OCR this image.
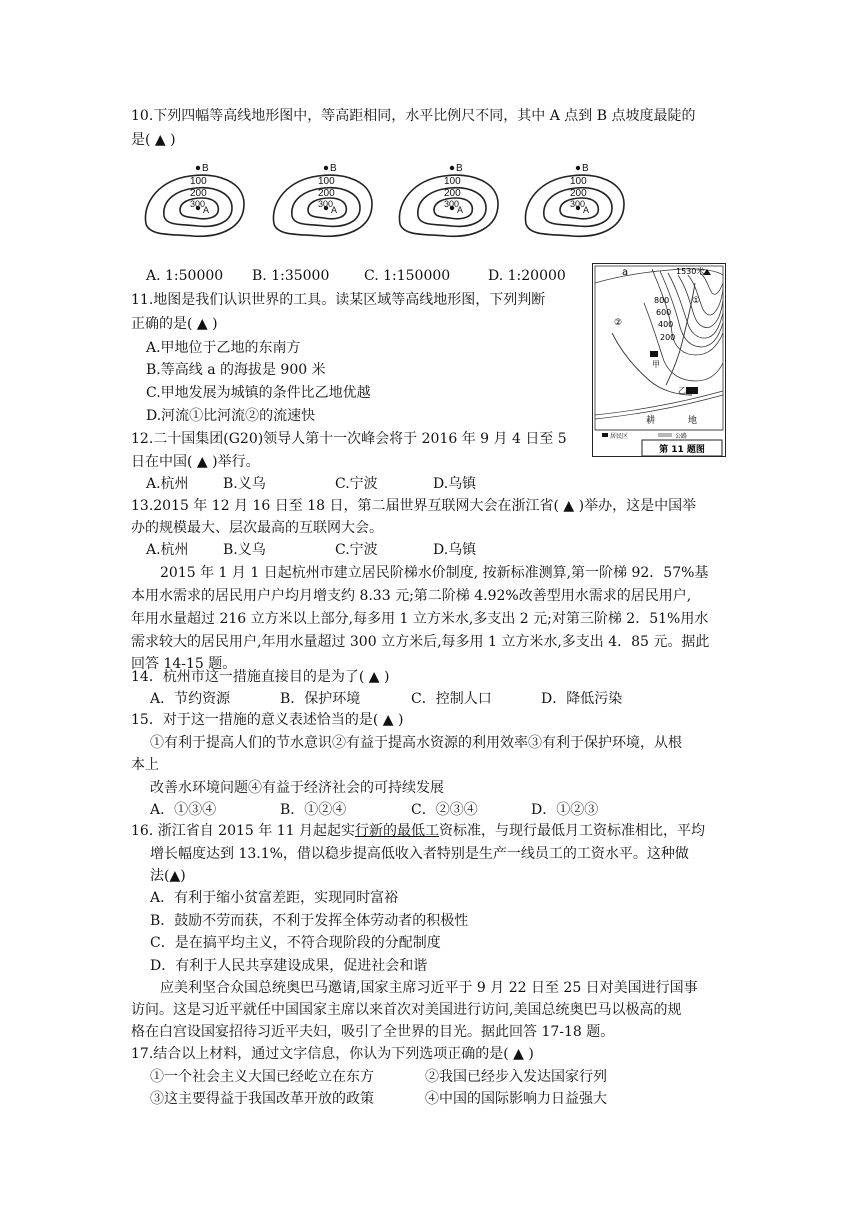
10.下列四幅等高线地形图中，等高距相同，水平比例尺不同，其中 A 点到 B 点坡度最陡的
是( ▲ )
B
100
200
300
A
B
100
200
300
A
B
100
200
300
A
B
100
200
300
A
A. 1:50000 B. 1:35000 C. 1:150000	D. 1:20000
11.地图是我们认识世界的工具。读某区域等高线地形图，下列判断
正确的是( ▲ )
A.甲地位于乙地的东南方
B.等高线 a 的海拔是 900 米
C.甲地发展为城镇的条件比乙地优越
D.河流①比河流②的流速快
1530米
a
800
600
400
200
①
②
甲
乙
耕	地
居民区	公路
第 11 题图
12.二十国集团(G20)领导人第十一次峰会将于 2016 年 9 月 4 日至 5
日在中国( ▲ )举行。
A.杭州 B.义乌	C.宁波	D.乌镇
13.2015 年 12 月 16 日至 18 日，第二届世界互联网大会在浙江省( ▲ )举办，这是中国举
办的规模最大、层次最高的互联网大会。
A.杭州 B.义乌	C.宁波	D.乌镇
2015 年 1 月 1 日起杭州市建立居民阶梯水价制度, 按新标准测算,第一阶梯 92．57%基
本用水需求的居民用户户均月增支约 8.33 元;第二阶梯 4.92%改善型用水需求的居民用户,
年用水量超过 216 立方米以上部分,每多用 1 立方米水,多支出 2 元;对第三阶梯 2．51%用水
需求较大的居民用户,年用水量超过 300 立方米后,每多用 1 立方米水,多支出 4．85 元。据此
回答 14-15 题。
14．杭州市这一措施直接目的是为了( ▲ )
A．节约资源	B．保护环境	C．控制人口	D．降低污染
15．对于这一措施的意义表述恰当的是( ▲ )
①有利于提高人们的节水意识②有益于提高水资源的利用效率③有利于保护环境，从根
本上
改善水环境问题④有益于经济社会的可持续发展
A．①③④	B．①②④	C．②③④	D．①②③
16. 浙江省自 2015 年 11 月起起实行新的最低工资标准，与现行最低月工资标准相比，平均
增长幅度达到 13.1%，借以稳步提高低收入者特别是生产一线员工的工资水平。这种做
法(▲)
A．有利于缩小贫富差距，实现同时富裕
B．鼓励不劳而获，不利于发挥全体劳动者的积极性
C．是在搞平均主义，不符合现阶段的分配制度
D．有利于人民共享建设成果，促进社会和谐
应美利坚合众国总统奥巴马邀请,国家主席习近平于 9 月 22 日至 25 日对美国进行国事
访问。这是习近平就任中国国家主席以来首次对美国进行访问,美国总统奥巴马以极高的规
格在白宫设国宴招待习近平夫妇，吸引了全世界的目光。据此回答 17-18 题。
17.结合以上材料，通过文字信息，你认为下列选项正确的是( ▲ )
①一个社会主义大国已经屹立在东方	②我国已经步入发达国家行列
③这主要得益于我国改革开放的政策	④中国的国际影响力日益强大
